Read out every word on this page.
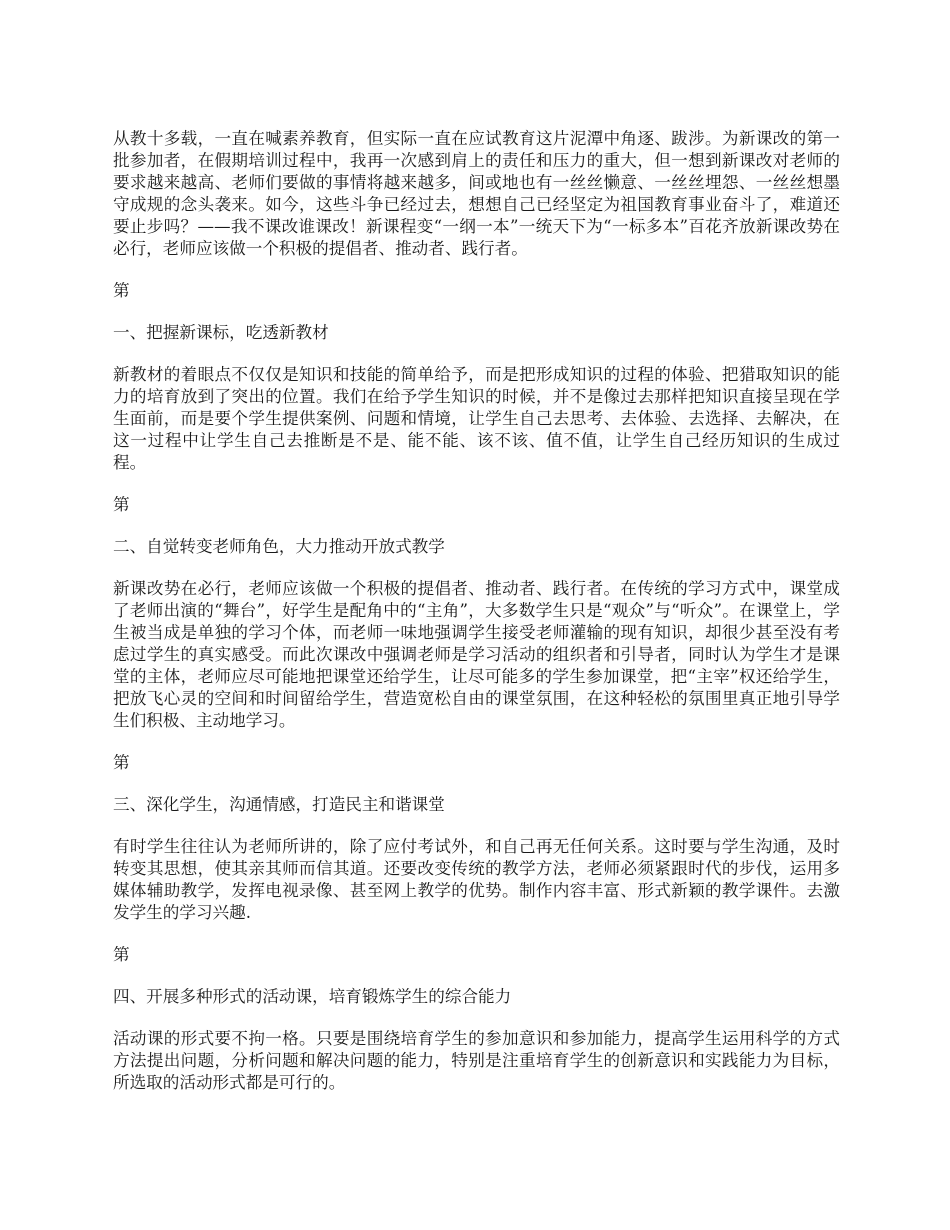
从教十多载，一直在喊素养教育，但实际一直在应试教育这片泥潭中角逐、跋涉。为新课改的第一批参加者，在假期培训过程中，我再一次感到肩上的责任和压力的重大，但一想到新课改对老师的要求越来越高、老师们要做的事情将越来越多，间或地也有一丝丝懒意、一丝丝埋怨、一丝丝想墨守成规的念头袭来。如今，这些斗争已经过去，想想自己已经坚定为祖国教育事业奋斗了，难道还要止步吗？——我不课改谁课改！新课程变“一纲一本”一统天下为“一标多本”百花齐放新课改势在必行，老师应该做一个积极的提倡者、推动者、践行者。

第

一、把握新课标，吃透新教材

新教材的着眼点不仅仅是知识和技能的简单给予，而是把形成知识的过程的体验、把猎取知识的能力的培育放到了突出的位置。我们在给予学生知识的时候，并不是像过去那样把知识直接呈现在学生面前，而是要个学生提供案例、问题和情境，让学生自己去思考、去体验、去选择、去解决，在这一过程中让学生自己去推断是不是、能不能、该不该、值不值，让学生自己经历知识的生成过程。

第

二、自觉转变老师角色，大力推动开放式教学

新课改势在必行，老师应该做一个积极的提倡者、推动者、践行者。在传统的学习方式中，课堂成了老师出演的“舞台”，好学生是配角中的“主角”，大多数学生只是“观众”与“听众”。在课堂上，学生被当成是单独的学习个体，而老师一味地强调学生接受老师灌输的现有知识，却很少甚至没有考虑过学生的真实感受。而此次课改中强调老师是学习活动的组织者和引导者，同时认为学生才是课堂的主体，老师应尽可能地把课堂还给学生，让尽可能多的学生参加课堂，把“主宰”权还给学生，把放飞心灵的空间和时间留给学生，营造宽松自由的课堂氛围，在这种轻松的氛围里真正地引导学生们积极、主动地学习。

第

三、深化学生，沟通情感，打造民主和谐课堂

有时学生往往认为老师所讲的，除了应付考试外，和自己再无任何关系。这时要与学生沟通，及时转变其思想，使其亲其师而信其道。还要改变传统的教学方法，老师必须紧跟时代的步伐，运用多媒体辅助教学，发挥电视录像、甚至网上教学的优势。制作内容丰富、形式新颖的教学课件。去激发学生的学习兴趣.

第

四、开展多种形式的活动课，培育锻炼学生的综合能力

活动课的形式要不拘一格。只要是围绕培育学生的参加意识和参加能力，提高学生运用科学的方式方法提出问题，分析问题和解决问题的能力，特别是注重培育学生的创新意识和实践能力为目标，所选取的活动形式都是可行的。
